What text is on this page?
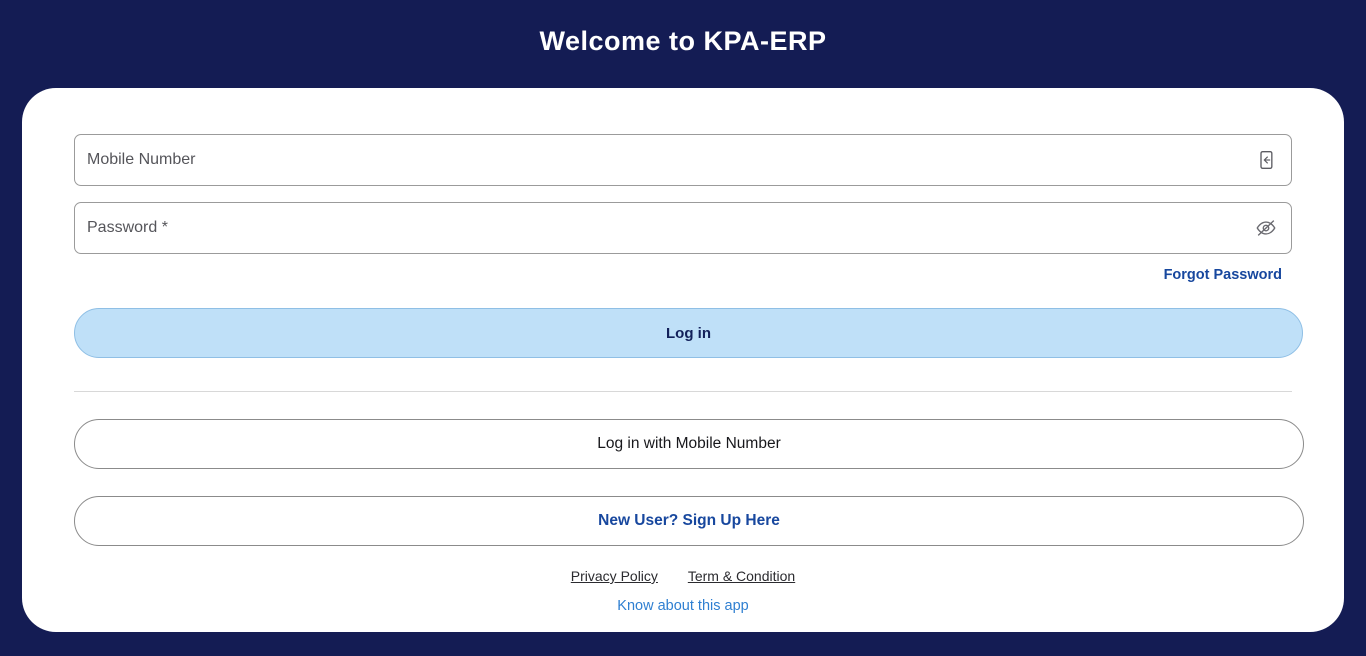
Welcome to KPA-ERP
Mobile Number
Forgot Password
Log in
Log in with Mobile Number
New User? Sign Up Here
Privacy Policy Term & Condition
Know about this app
